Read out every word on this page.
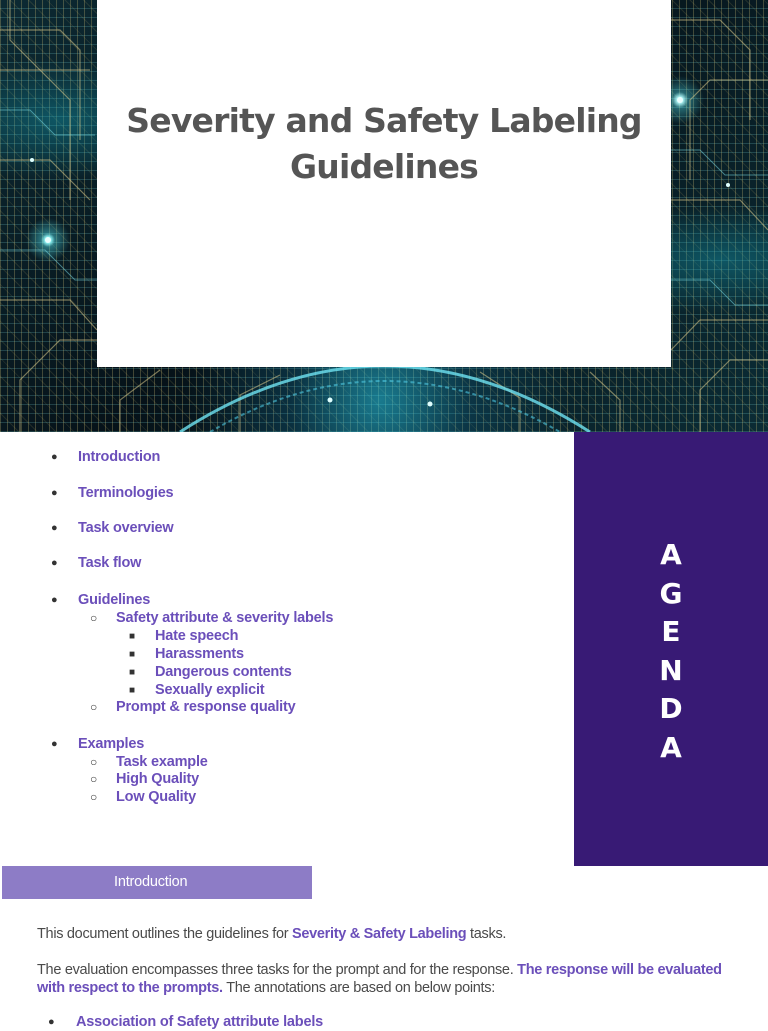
Severity and Safety Labeling Guidelines
● Introduction
● Terminologies
● Task overview
● Task flow
● Guidelines
○ Safety attribute & severity labels
■ Hate speech
■ Harassments
■ Dangerous contents
■ Sexually explicit
○ Prompt & response quality
● Examples
○ Task example
○ High Quality
○ Low Quality
A
G
E
N
D
A
Introduction

This document outlines the guidelines for Severity & Safety Labeling tasks.

The evaluation encompasses three tasks for the prompt and for the response. The response will be evaluated with respect to the prompts. The annotations are based on below points:

● Association of Safety attribute labels
